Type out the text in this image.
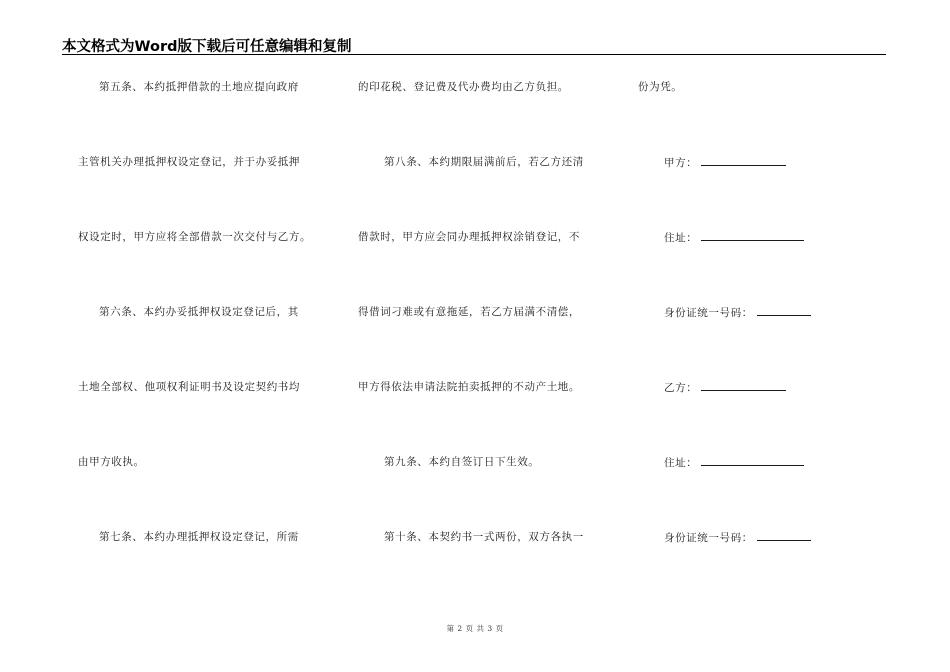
本文格式为Word版下载后可任意编辑和复制
第五条、本约抵押借款的土地应提向政府
主管机关办理抵押权设定登记，并于办妥抵押
权设定时，甲方应将全部借款一次交付与乙方。
第六条、本约办妥抵押权设定登记后，其
土地全部权、他项权利证明书及设定契约书均
由甲方收执。
第七条、本约办理抵押权设定登记，所需
的印花税、登记费及代办费均由乙方负担。
第八条、本约期限届满前后，若乙方还清
借款时，甲方应会同办理抵押权涂销登记，不
得借词刁难或有意拖延，若乙方届满不清偿，
甲方得依法申请法院拍卖抵押的不动产土地。
第九条、本约自签订日下生效。
第十条、本契约书一式两份，双方各执一
份为凭。
甲方：
住址：
身份证统一号码：
乙方：
住址：
身份证统一号码：
第 2 页 共 3 页
